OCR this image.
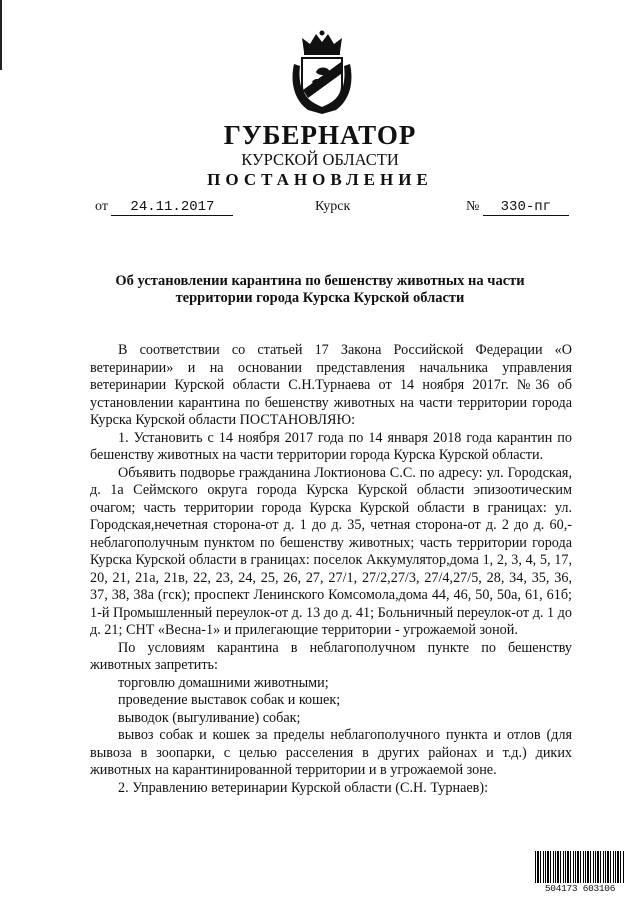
ГУБЕРНАТОР
КУРСКОЙ ОБЛАСТИ
ПОСТАНОВЛЕНИЕ
от 24.11.2017	Курск	№ 330-пг
Об установлении карантина по бешенству животных на части
территории города Курска Курской области

В соответствии со статьей 17 Закона Российской Федерации «О ветеринарии» и на основании представления начальника управления ветеринарии Курской области С.Н.Турнаева от 14 ноября 2017г. №36 об установлении карантина по бешенству животных на части территории города Курска Курской области ПОСТАНОВЛЯЮ:

1. Установить с 14 ноября 2017 года по 14 января 2018 года карантин по бешенству животных на части территории города Курска Курской области.

Объявить подворье гражданина Локтионова С.С. по адресу: ул. Городская, д. 1а Сеймского округа города Курска Курской области эпизоотическим очагом; часть территории города Курска Курской области в границах: ул. Городская,нечетная сторона-от д. 1 до д. 35, четная сторона-от д. 2 до д. 60,- неблагополучным пунктом по бешенству животных; часть территории города Курска Курской области в границах: поселок Аккумулятор,дома 1, 2, 3, 4, 5, 17, 20, 21, 21а, 21в, 22, 23, 24, 25, 26, 27, 27/1, 27/2,27/3, 27/4,27/5, 28, 34, 35, 36, 37, 38, 38а (гск); проспект Ленинского Комсомола,дома 44, 46, 50, 50а, 61, 61б; 1-й Промышленный переулок-от д. 13 до д. 41; Больничный переулок-от д. 1 до д. 21; СНТ «Весна-1» и прилегающие территории - угрожаемой зоной.

По условиям карантина в неблагополучном пункте по бешенству животных запретить:

торговлю домашними животными;

проведение выставок собак и кошек;

выводок (выгуливание) собак;

вывоз собак и кошек за пределы неблагополучного пункта и отлов (для вывоза в зоопарки, с целью расселения в других районах и т.д.) диких животных на карантинированной территории и в угрожаемой зоне.

2. Управлению ветеринарии Курской области (С.Н. Турнаев):

504173 603106
